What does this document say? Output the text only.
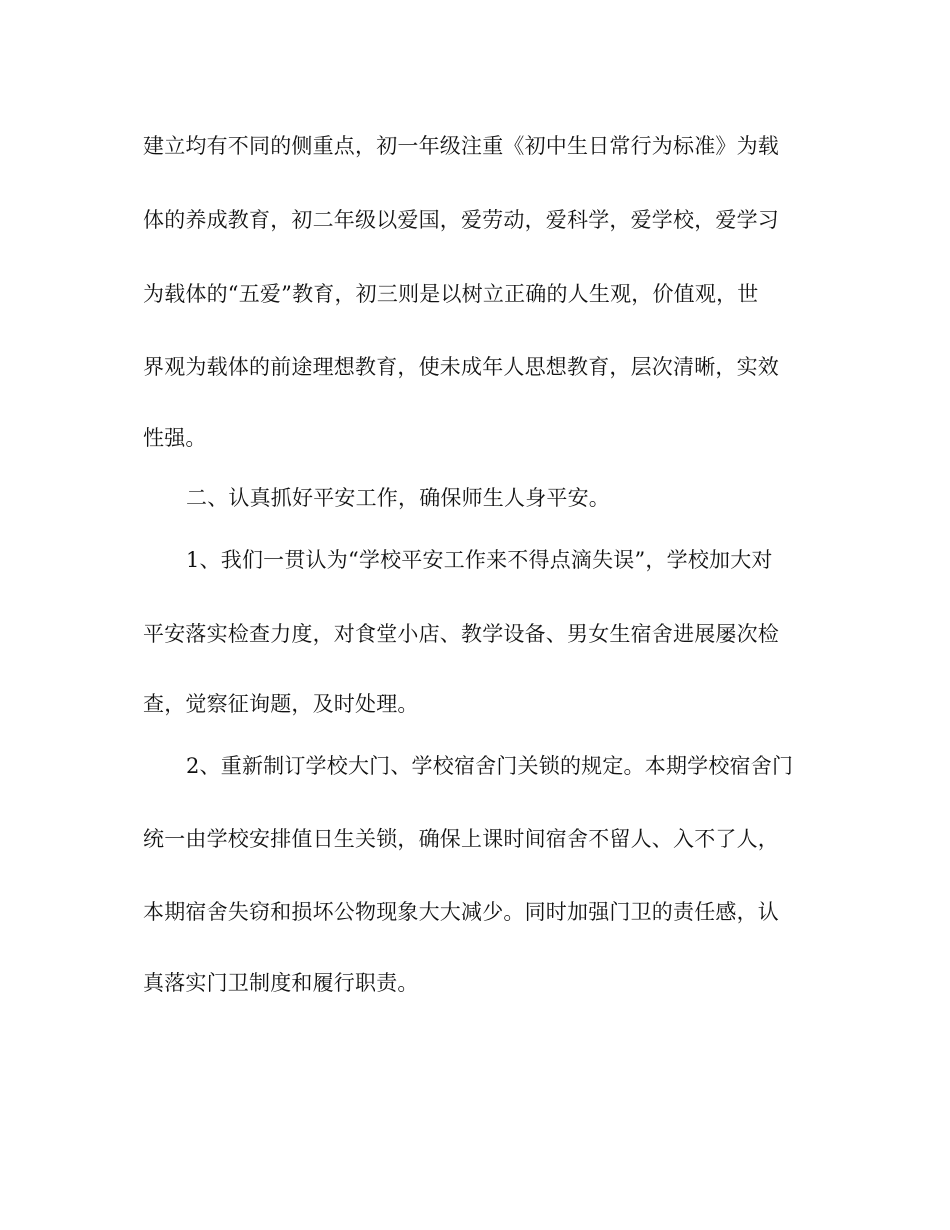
建立均有不同的侧重点，初一年级注重《初中生日常行为标准》为载
体的养成教育，初二年级以爱国，爱劳动，爱科学，爱学校，爱学习
为载体的“五爱”教育，初三则是以树立正确的人生观，价值观，世
界观为载体的前途理想教育，使未成年人思想教育，层次清晰，实效
性强。
二、认真抓好平安工作，确保师生人身平安。
1、我们一贯认为“学校平安工作来不得点滴失误”，学校加大对
平安落实检查力度，对食堂小店、教学设备、男女生宿舍进展屡次检
查，觉察征询题，及时处理。
2、重新制订学校大门、学校宿舍门关锁的规定。本期学校宿舍门
统一由学校安排值日生关锁，确保上课时间宿舍不留人、入不了人，
本期宿舍失窃和损坏公物现象大大减少。同时加强门卫的责任感，认
真落实门卫制度和履行职责。
